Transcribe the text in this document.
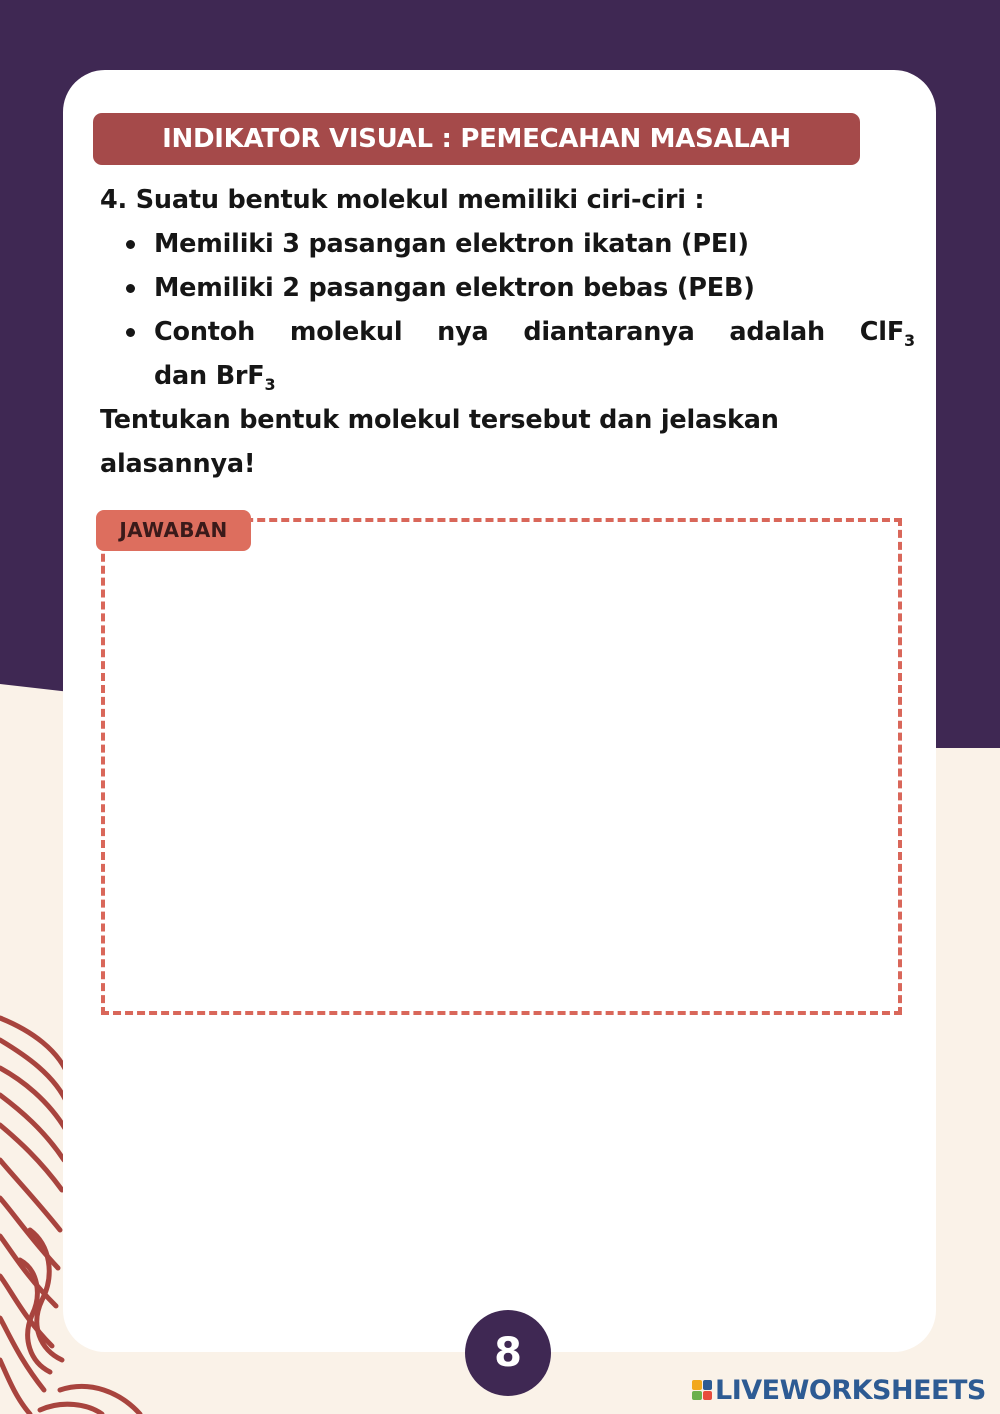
INDIKATOR VISUAL : PEMECAHAN MASALAH
4. Suatu bentuk molekul memiliki ciri-ciri :
Memiliki 3 pasangan elektron ikatan (PEI)
Memiliki 2 pasangan elektron bebas (PEB)
Contoh molekul nya diantaranya adalah ClF$_3$
dan BrF$_3$
Tentukan bentuk molekul tersebut dan jelaskan
alasannya!
JAWABAN
8
LIVEWORKSHEETS
